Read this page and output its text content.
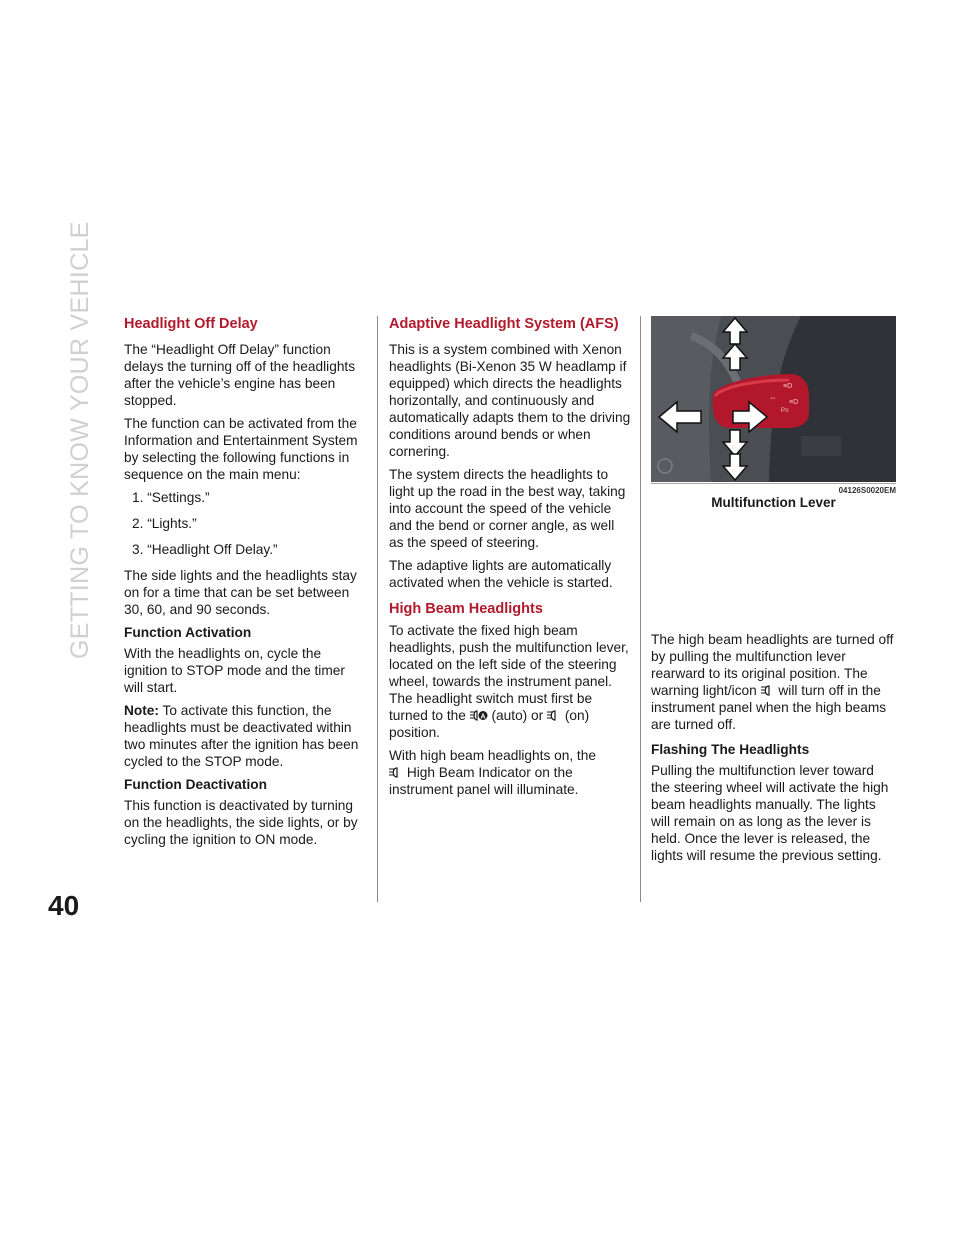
GETTING TO KNOW YOUR VEHICLE
40
Headlight Off Delay

The “Headlight Off Delay” function delays the turning off of the headlights after the vehicle’s engine has been stopped.

The function can be activated from the Information and Entertainment System by selecting the following functions in sequence on the main menu:

1. “Settings.”
2. “Lights.”
3. “Headlight Off Delay.”

The side lights and the headlights stay on for a time that can be set between 30, 60, and 90 seconds.

Function Activation

With the headlights on, cycle the ignition to STOP mode and the timer will start.

Note: To activate this function, the headlights must be deactivated within two minutes after the ignition has been cycled to the STOP mode.

Function Deactivation

This function is deactivated by turning on the headlights, the side lights, or by cycling the ignition to ON mode.

Adaptive Headlight System (AFS)

This is a system combined with Xenon headlights (Bi-Xenon 35 W headlamp if equipped) which directs the headlights horizontally, and continuously and automatically adapts them to the driving conditions around bends or when cornering.

The system directs the headlights to light up the road in the best way, taking into account the speed of the vehicle and the bend or corner angle, as well as the speed of steering.

The adaptive lights are automatically activated when the vehicle is started.

High Beam Headlights

To activate the fixed high beam headlights, push the multifunction lever, located on the left side of the steering wheel, towards the instrument panel. The headlight switch must first be turned to the A (auto) or (on) position.

With high beam headlights on, the
High Beam Indicator on the instrument panel will illuminate.

⇔
≡D
≡D
P≡
04126S0020EM
Multifunction Lever

The high beam headlights are turned off by pulling the multifunction lever rearward to its original position. The warning light/icon will turn off in the instrument panel when the high beams are turned off.

Flashing The Headlights

Pulling the multifunction lever toward the steering wheel will activate the high beam headlights manually. The lights will remain on as long as the lever is held. Once the lever is released, the lights will resume the previous setting.
